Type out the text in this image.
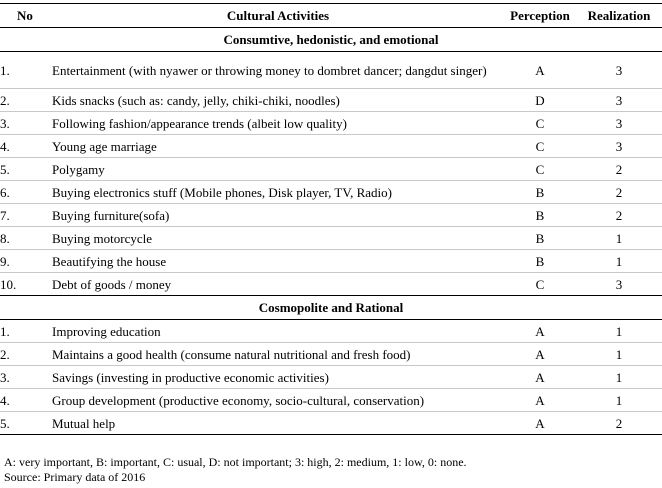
No	Cultural Activities	Perception	Realization
Consumtive, hedonistic, and emotional			
1.	Entertainment (with nyawer or throwing money to dombret dancer; dangdut singer)	A	3
2.	Kids snacks (such as: candy, jelly, chiki-chiki, noodles)	D	3
3.	Following fashion/appearance trends (albeit low quality)	C	3
4.	Young age marriage	C	3
5.	Polygamy	C	2
6.	Buying electronics stuff (Mobile phones, Disk player, TV, Radio)	B	2
7.	Buying furniture(sofa)	B	2
8.	Buying motorcycle	B	1
9.	Beautifying the house	B	1
10.	Debt of goods / money	C	3
Cosmopolite and Rational			
1.	Improving education	A	1
2.	Maintains a good health (consume natural nutritional and fresh food)	A	1
3.	Savings (investing in productive economic activities)	A	1
4.	Group development (productive economy, socio-cultural, conservation)	A	1
5.	Mutual help	A	2
A: very important, B: important, C: usual, D: not important; 3: high, 2: medium, 1: low, 0: none.
Source: Primary data of 2016
